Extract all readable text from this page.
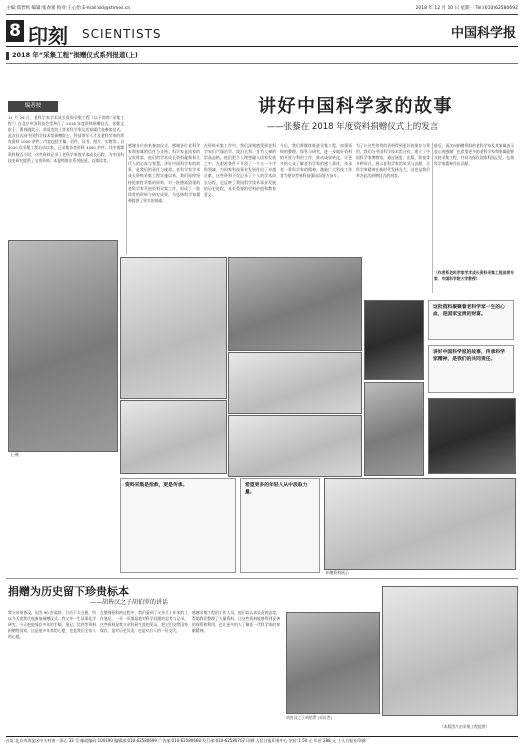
主编:郑晋鸣 编辑:张春蕾 校对:王心怡 E-mail:skl@stimes.cn	2018 年 12 月 10 日 星期一 Tel:(010)62580692
8 印刻 SCIENTISTS	中国科学报
2018 年“采集工程”捐赠仪式系列报道(上)
编者按
11 月 26 日，老科学家学术成长资料采集工程（以下简称“采集工程”）在北京中国科技会堂举行了 2018 年度资料捐赠仪式。张继文院士、曹春晓院士、郭爱克院士等老科学家及其家属代表参加仪式。此次仪式向中国科学技术馆捐赠院士、科技领军人才及老科学家的珍贵资料 1000 余件，内容包括手稿、信件、证书、照片、实物等。自 2010 年采集工程启动以来，已采集各类资料 4500 余件，其中视频资料数百小时，这些资料记录了老科学家的学术成长历程，为中国科技史研究提供了宝贵资料。本报特推出系列报道，以飨读者。
讲好中国科学家的故事
——张藜在 2018 年度资料捐赠仪式上的发言
感谢各位前来参加仪式，感谢各位老科学家和家属的信任与支持。科学家是国家的宝贵财富，他们的学术成长资料凝聚着几代人的心血与智慧，讲好中国科学家的故事，是我们的责任与使命。老科学家学术成长资料采集工程实施以来，我们始终坚持抢救性采集的原则，对一批德高望重的老科学家开展资料采集工作，形成了一批珍贵的资料与研究成果，为弘扬科学家精神提供了坚实的基础。
在资料采集工作中，我们深刻感受到老科学家们严谨治学、淡泊名利、甘为人梯的崇高品格。他们把个人理想融入国家发展之中，在艰苦条件下开创了一个又一个学科领域，为国家科技事业发展作出了卓越贡献。这些资料不仅记录了个人的学术成长历程，也反映了我国科学技术事业发展的历史进程，具有重要的史料价值和教育意义。
今后，我们将继续推进采集工程，加强资料的整理、保管与研究，进一步做好资料的开放与利用工作，推动成果转化，让更多的公众了解老科学家的感人事迹，传承老一辈科学家的精神，激励广大科技工作者为建设世界科技强国而努力奋斗。
为了让这些珍贵的资料得到更好的保存与利用，我们与中国科学技术馆合作，建立了中国科学家博物馆，通过展览、出版、影视等多种形式，展示老科学家的风采与贡献，让科学家精神在新时代发扬光大，这也是我们举办此次捐赠仪式的初衷。
最后，再次向捐赠资料的老科学家及其家属表示衷心的感谢！也希望更多的老科学家和家属能够支持采集工程，共同为保存国家科技记忆、弘扬科学家精神作出贡献。
（作者系老科学家学术成长资料采集工程首席专家、中国科学院大学教授）
王·摄
这批资料凝聚着老科学家一生的心血，是国家宝贵的财富。
讲好中国科学家的故事，传承科学家精神，是我们的共同责任。
资料采集是抢救，更是传承。	希望更多的年轻人从中汲取力量。
捐赠资料展示
捐赠为历史留下珍贵标本
——胡皆汉之子胡伯罗的讲话
我父亲胡皆汉，因为 90 岁高龄，行动不太方便，所以今天由我代他参加捐赠仪式。我父亲一生从事化学研究，今天把他保存多年的手稿、笔记、信件等资料捐赠给国家，这是他多年来的心愿，也是我们全家人的心愿。
在整理资料的过程中，我们看到了父亲几十年来的工作笔记，一页一页都是他对科学问题的思考与记录。这些资料是我父亲科研生涯的见证，把它们交给国家保存，是对历史负责，也是对后人的一份交代。
感谢采集工程的工作人员，他们以认真负责的态度，帮助我们整理了大量资料，让这些资料能够得到妥善的保管和利用，也让更多的人了解老一代科学家的奉献精神。
胡皆汉之子胡伯罗 (采访者)
（本版图片由采集工程提供）
社址:北京市海淀区中关村南一条乙 33 号 邮政编码:100190 编辑部:010-62580699 广告部:010-62580668 发行部:010-62580707 印刷:人民日报印务中心 定价:1.50 元 年价:288 元 工人日报社印刷厂
